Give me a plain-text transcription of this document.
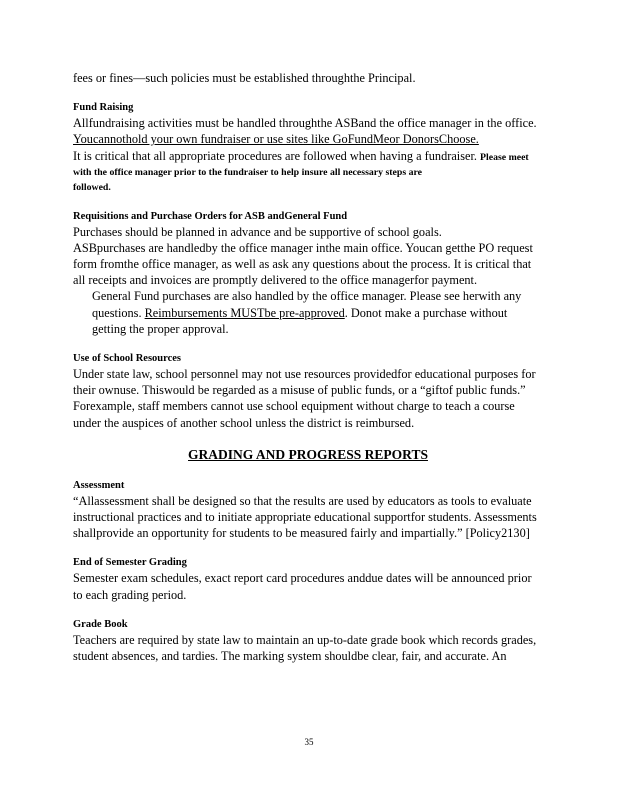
fees or fines—such policies must be established throughthe Principal.

Fund Raising

Allfundraising activities must be handled throughthe ASBand the office manager in the office.

Youcannothold your own fundraiser or use sites like GoFundMeor DonorsChoose.

It is critical that all appropriate procedures are followed when having a fundraiser. Please meet

with the office manager prior to the fundraiser to help insure all necessary steps are

followed.

Requisitions and Purchase Orders for ASB andGeneral Fund

Purchases should be planned in advance and be supportive of school goals.

ASBpurchases are handledby the office manager inthe main office. Youcan getthe PO request form fromthe office manager, as well as ask any questions about the process. It is critical that all receipts and invoices are promptly delivered to the office managerfor payment.

General Fund purchases are also handled by the office manager. Please see herwith any questions. Reimbursements MUSTbe pre-approved. Donot make a purchase without getting the proper approval.

Use of School Resources

Under state law, school personnel may not use resources providedfor educational purposes for their ownuse. Thiswould be regarded as a misuse of public funds, or a “giftof public funds.” Forexample, staff members cannot use school equipment without charge to teach a course under the auspices of another school unless the district is reimbursed.

GRADING AND PROGRESS REPORTS
Assessment

“Allassessment shall be designed so that the results are used by educators as tools to evaluate instructional practices and to initiate appropriate educational supportfor students. Assessments shallprovide an opportunity for students to be measured fairly and impartially.” [Policy2130]

End of Semester Grading

Semester exam schedules, exact report card procedures anddue dates will be announced prior to each grading period.

Grade Book

Teachers are required by state law to maintain an up-to-date grade book which records grades, student absences, and tardies. The marking system shouldbe clear, fair, and accurate. An

35
